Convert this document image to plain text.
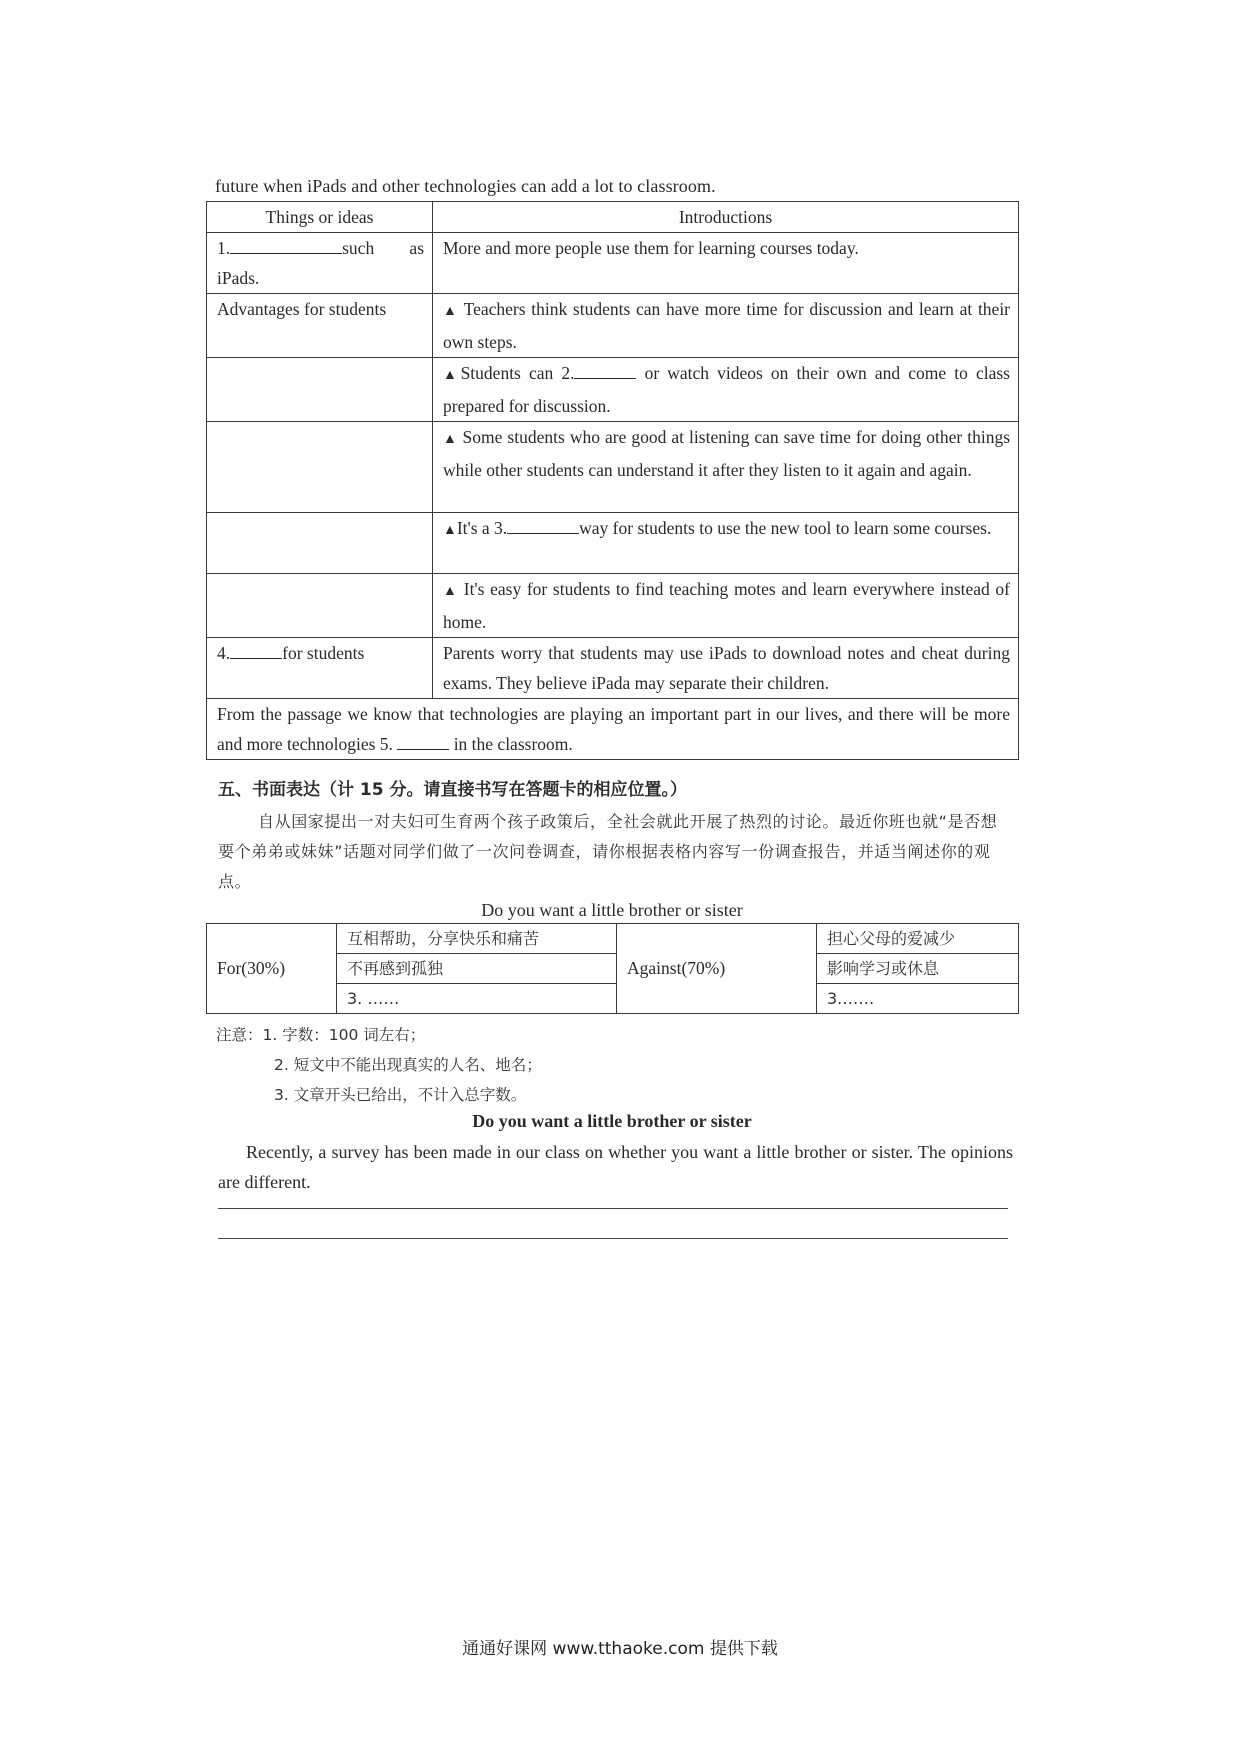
future when iPads and other technologies can add a lot to classroom.
Things or ideas	Introductions
1. such as iPads.	More and more people use them for learning courses today.
Advantages for students	▲ Teachers think students can have more time for discussion and learn at their own steps.
	▲Students can 2. or watch videos on their own and come to class prepared for discussion.
	▲ Some students who are good at listening can save time for doing other things while other students can understand it after they listen to it again and again.
	▲It's a 3. way for students to use the new tool to learn some courses.
	▲ It's easy for students to find teaching motes and learn everywhere instead of home.
4. for students	Parents worry that students may use iPads to download notes and cheat during exams. They believe iPada may separate their children.
From the passage we know that technologies are playing an important part in our lives, and there will be more and more technologies 5. in the classroom.	
五、书面表达（计 15 分。请直接书写在答题卡的相应位置。）
自从国家提出一对夫妇可生育两个孩子政策后，全社会就此开展了热烈的讨论。最近你班也就“是否想要个弟弟或妹妹”话题对同学们做了一次问卷调查，请你根据表格内容写一份调查报告，并适当阐述你的观点。
Do you want a little brother or sister
For(30%)	互相帮助，分享快乐和痛苦	Against(70%)	担心父母的爱减少
	不再感到孤独		影响学习或休息
	3. ……		3.……
注意：1. 字数：100 词左右；
2. 短文中不能出现真实的人名、地名；
3. 文章开头已给出，不计入总字数。
Do you want a little brother or sister
Recently, a survey has been made in our class on whether you want a little brother or sister. The opinions are different.
通通好课网 www.tthaoke.com 提供下载
